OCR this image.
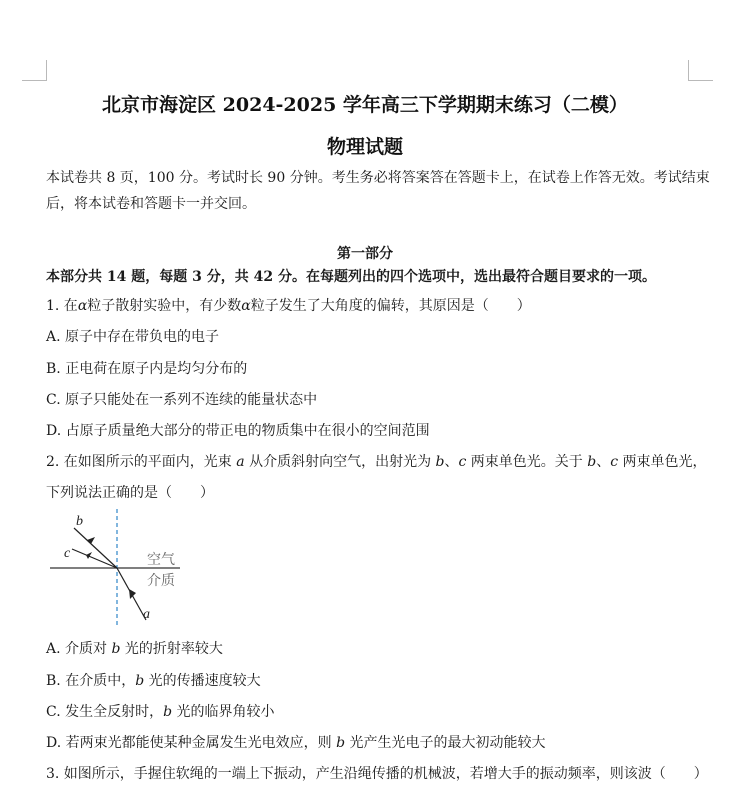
北京市海淀区 2024-2025 学年高三下学期期末练习（二模）
物理试题
本试卷共 8 页，100 分。考试时长 90 分钟。考生务必将答案答在答题卡上，在试卷上作答无效。考试结束
后，将本试卷和答题卡一并交回。
第一部分
本部分共 14 题，每题 3 分，共 42 分。在每题列出的四个选项中，选出最符合题目要求的一项。
1. 在α粒子散射实验中，有少数α粒子发生了大角度的偏转，其原因是（　　）
A. 原子中存在带负电的电子
B. 正电荷在原子内是均匀分布的
C. 原子只能处在一系列不连续的能量状态中
D. 占原子质量绝大部分的带正电的物质集中在很小的空间范围
2. 在如图所示的平面内，光束 a 从介质斜射向空气，出射光为 b、c 两束单色光。关于 b、c 两束单色光，
下列说法正确的是（　　）
b
c
a
空气
介质
A. 介质对 b 光的折射率较大
B. 在介质中，b 光的传播速度较大
C. 发生全反射时，b 光的临界角较小
D. 若两束光都能使某种金属发生光电效应，则 b 光产生光电子的最大初动能较大
3. 如图所示，手握住软绳的一端上下振动，产生沿绳传播的机械波，若增大手的振动频率，则该波（　　）
